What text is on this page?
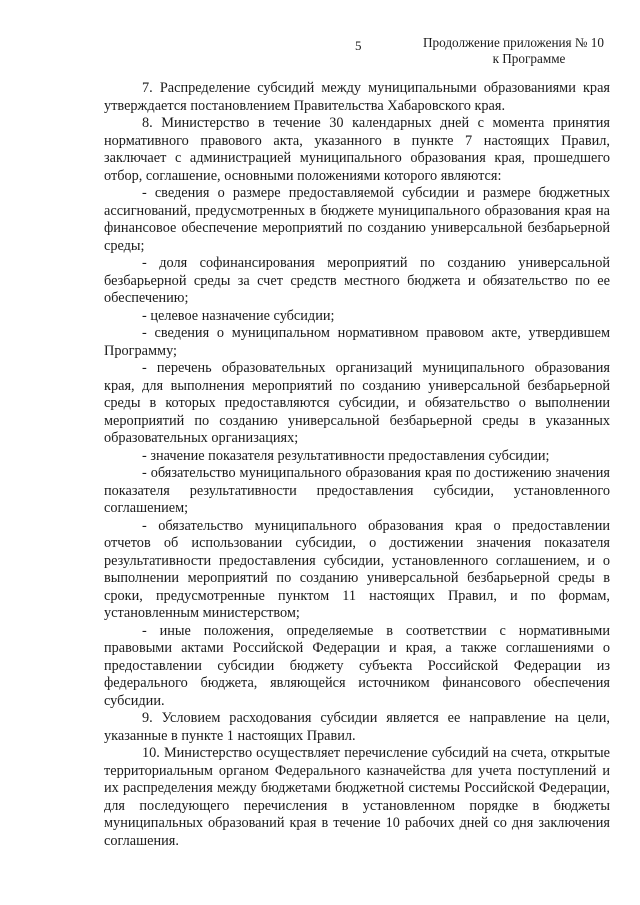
5	Продолжение приложения № 10

к Программе

7. Распределение субсидий между муниципальными образованиями края утверждается постановлением Правительства Хабаровского края.

8. Министерство в течение 30 календарных дней с момента принятия нормативного правового акта, указанного в пункте 7 настоящих Правил, заключает с администрацией муниципального образования края, прошедшего отбор, соглашение, основными положениями которого являются:

- сведения о размере предоставляемой субсидии и размере бюджетных ассигнований, предусмотренных в бюджете муниципального образования края на финансовое обеспечение мероприятий по созданию универсальной безбарьерной среды;

- доля софинансирования мероприятий по созданию универсальной безбарьерной среды за счет средств местного бюджета и обязательство по ее обеспечению;

- целевое назначение субсидии;

- сведения о муниципальном нормативном правовом акте, утвердившем Программу;

- перечень образовательных организаций муниципального образования края, для выполнения мероприятий по созданию универсальной безбарьерной среды в которых предоставляются субсидии, и обязательство о выполнении мероприятий по созданию универсальной безбарьерной среды в указанных образовательных организациях;

- значение показателя результативности предоставления субсидии;

- обязательство муниципального образования края по достижению значения показателя результативности предоставления субсидии, установленного соглашением;

- обязательство муниципального образования края о предоставлении отчетов об использовании субсидии, о достижении значения показателя результативности предоставления субсидии, установленного соглашением, и о выполнении мероприятий по созданию универсальной безбарьерной среды в сроки, предусмотренные пунктом 11 настоящих Правил, и по формам, установленным министерством;

- иные положения, определяемые в соответствии с нормативными правовыми актами Российской Федерации и края, а также соглашениями о предоставлении субсидии бюджету субъекта Российской Федерации из федерального бюджета, являющейся источником финансового обеспечения субсидии.

9. Условием расходования субсидии является ее направление на цели, указанные в пункте 1 настоящих Правил.

10. Министерство осуществляет перечисление субсидий на счета, открытые территориальным органом Федерального казначейства для учета поступлений и их распределения между бюджетами бюджетной системы Российской Федерации, для последующего перечисления в установленном порядке в бюджеты муниципальных образований края в течение 10 рабочих дней со дня заключения соглашения.
